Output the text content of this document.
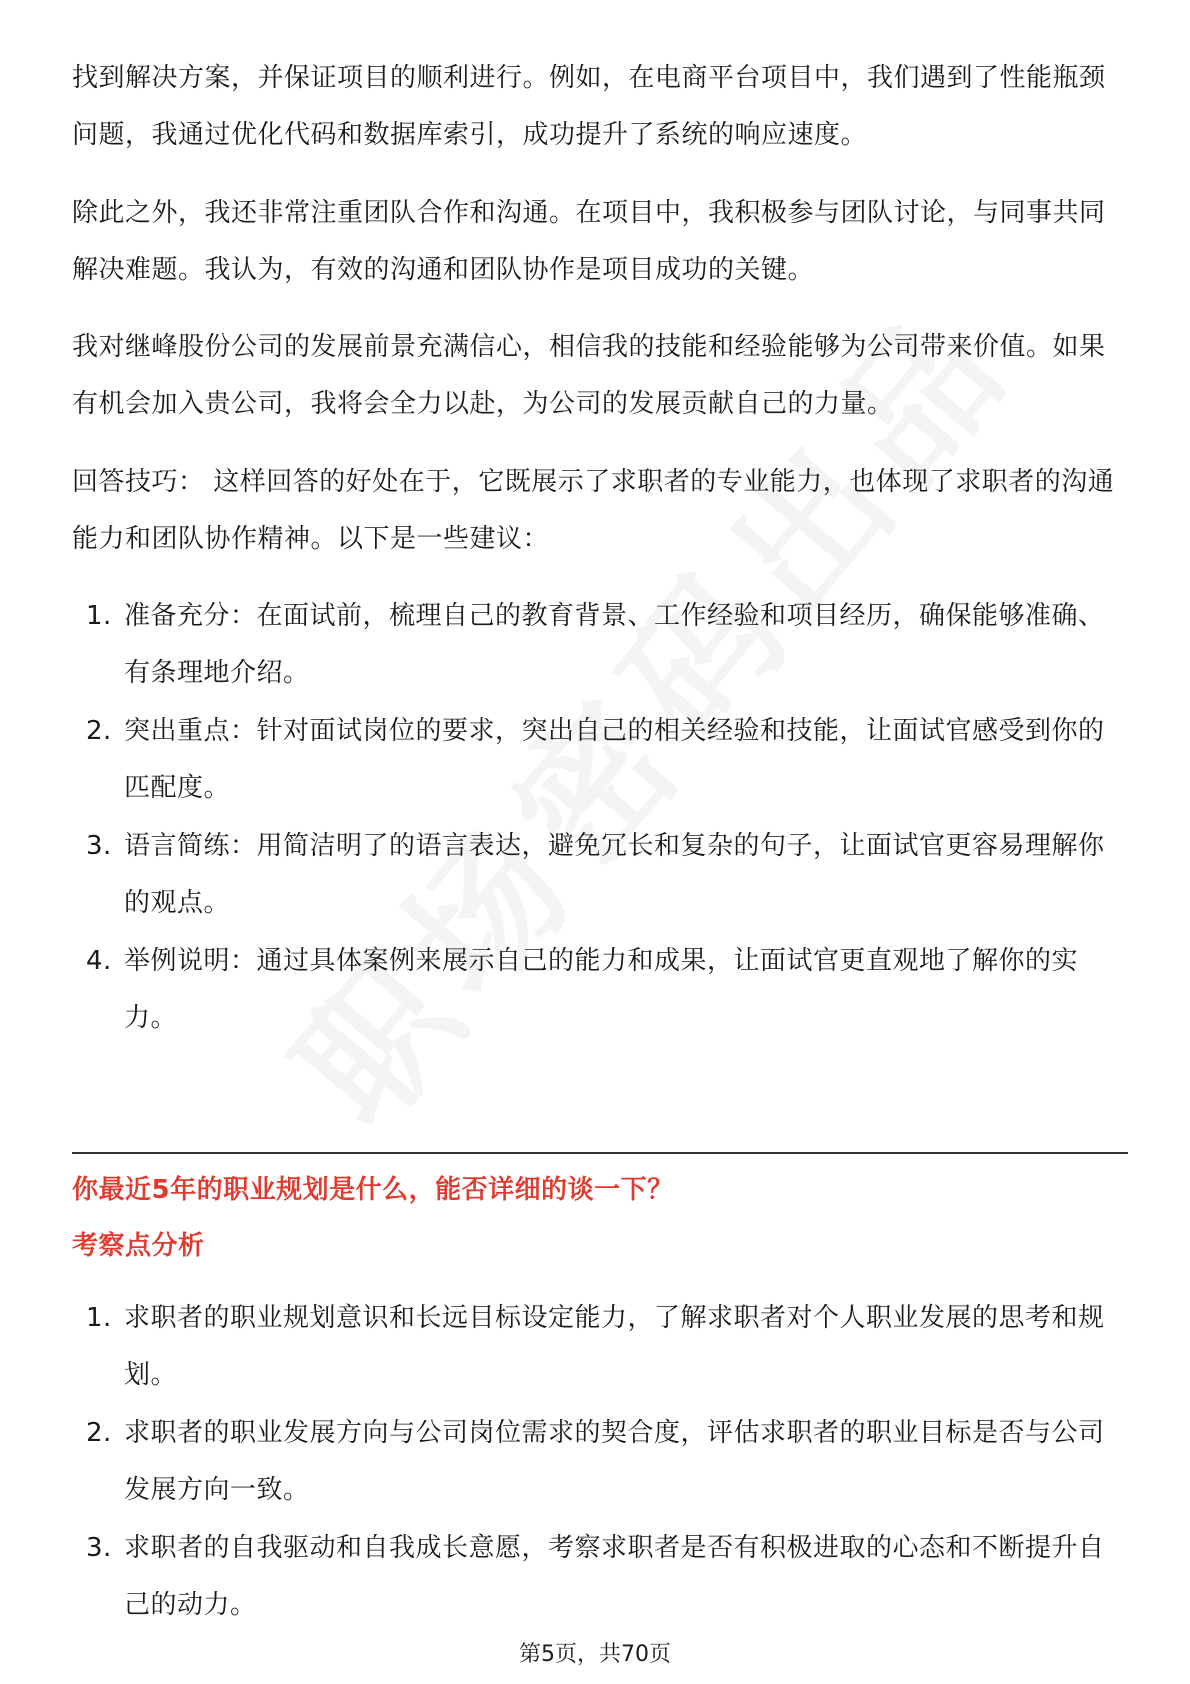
找到解决方案，并保证项目的顺利进行。例如，在电商平台项目中，我们遇到了性能瓶颈问题，我通过优化代码和数据库索引，成功提升了系统的响应速度。

除此之外，我还非常注重团队合作和沟通。在项目中，我积极参与团队讨论，与同事共同解决难题。我认为，有效的沟通和团队协作是项目成功的关键。

我对继峰股份公司的发展前景充满信心，相信我的技能和经验能够为公司带来价值。如果有机会加入贵公司，我将会全力以赴，为公司的发展贡献自己的力量。

回答技巧： 这样回答的好处在于，它既展示了求职者的专业能力，也体现了求职者的沟通能力和团队协作精神。以下是一些建议：

1. 准备充分：在面试前，梳理自己的教育背景、工作经验和项目经历，确保能够准确、有条理地介绍。
2. 突出重点：针对面试岗位的要求，突出自己的相关经验和技能，让面试官感受到你的匹配度。
3. 语言简练：用简洁明了的语言表达，避免冗长和复杂的句子，让面试官更容易理解你的观点。
4. 举例说明：通过具体案例来展示自己的能力和成果，让面试官更直观地了解你的实力。
你最近5年的职业规划是什么，能否详细的谈一下？
考察点分析
1. 求职者的职业规划意识和长远目标设定能力，了解求职者对个人职业发展的思考和规划。
2. 求职者的职业发展方向与公司岗位需求的契合度，评估求职者的职业目标是否与公司发展方向一致。
3. 求职者的自我驱动和自我成长意愿，考察求职者是否有积极进取的心态和不断提升自己的动力。
第5页，共70页
